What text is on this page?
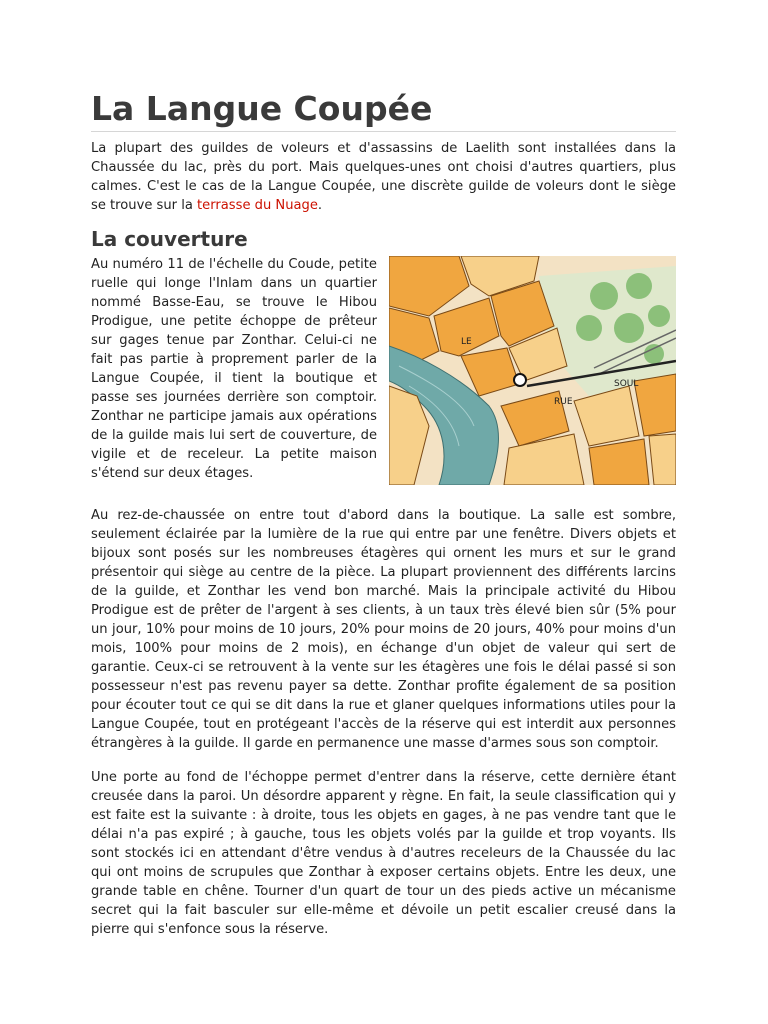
La Langue Coupée

La plupart des guildes de voleurs et d'assassins de Laelith sont installées dans la Chaussée du lac, près du port. Mais quelques-unes ont choisi d'autres quartiers, plus calmes. C'est le cas de la Langue Coupée, une discrète guilde de voleurs dont le siège se trouve sur la terrasse du Nuage.

La couverture
RUE
SOUL
LE

Au numéro 11 de l'échelle du Coude, petite ruelle qui longe l'Inlam dans un quartier nommé Basse-Eau, se trouve le Hibou Prodigue, une petite échoppe de prêteur sur gages tenue par Zonthar. Celui-ci ne fait pas partie à proprement parler de la Langue Coupée, il tient la boutique et passe ses journées derrière son comptoir. Zonthar ne participe jamais aux opérations de la guilde mais lui sert de couverture, de vigile et de receleur. La petite maison s'étend sur deux étages.

Au rez-de-chaussée on entre tout d'abord dans la boutique. La salle est sombre, seulement éclairée par la lumière de la rue qui entre par une fenêtre. Divers objets et bijoux sont posés sur les nombreuses étagères qui ornent les murs et sur le grand présentoir qui siège au centre de la pièce. La plupart proviennent des différents larcins de la guilde, et Zonthar les vend bon marché. Mais la principale activité du Hibou Prodigue est de prêter de l'argent à ses clients, à un taux très élevé bien sûr (5% pour un jour, 10% pour moins de 10 jours, 20% pour moins de 20 jours, 40% pour moins d'un mois, 100% pour moins de 2 mois), en échange d'un objet de valeur qui sert de garantie. Ceux-ci se retrouvent à la vente sur les étagères une fois le délai passé si son possesseur n'est pas revenu payer sa dette. Zonthar profite également de sa position pour écouter tout ce qui se dit dans la rue et glaner quelques informations utiles pour la Langue Coupée, tout en protégeant l'accès de la réserve qui est interdit aux personnes étrangères à la guilde. Il garde en permanence une masse d'armes sous son comptoir.

Une porte au fond de l'échoppe permet d'entrer dans la réserve, cette dernière étant creusée dans la paroi. Un désordre apparent y règne. En fait, la seule classification qui y est faite est la suivante : à droite, tous les objets en gages, à ne pas vendre tant que le délai n'a pas expiré ; à gauche, tous les objets volés par la guilde et trop voyants. Ils sont stockés ici en attendant d'être vendus à d'autres receleurs de la Chaussée du lac qui ont moins de scrupules que Zonthar à exposer certains objets. Entre les deux, une grande table en chêne. Tourner d'un quart de tour un des pieds active un mécanisme secret qui la fait basculer sur elle-même et dévoile un petit escalier creusé dans la pierre qui s'enfonce sous la réserve.
